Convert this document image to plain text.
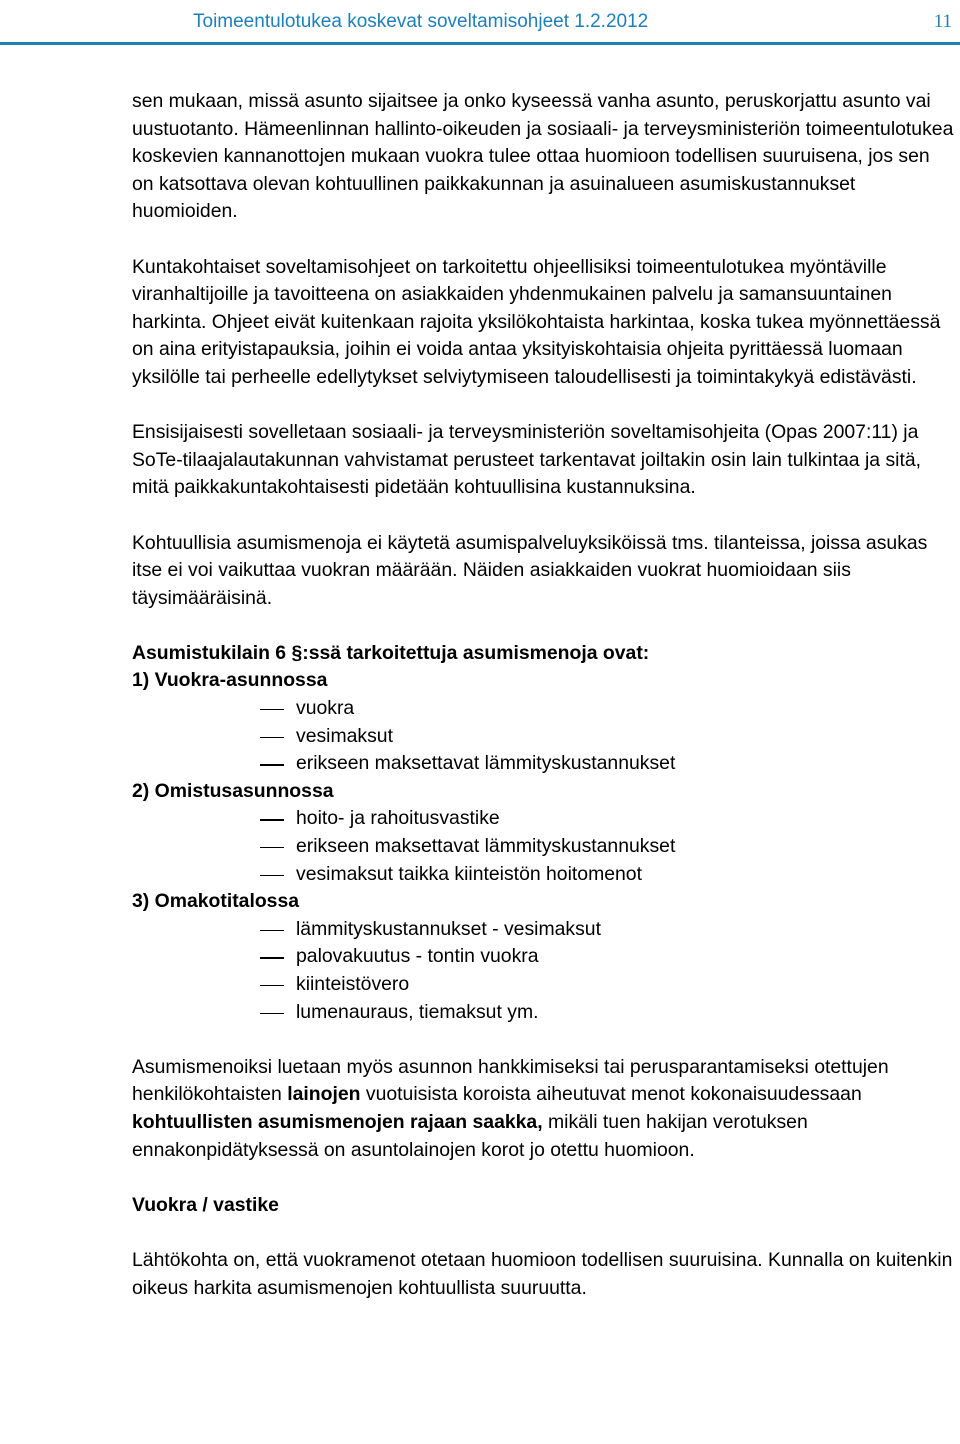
Toimeentulotukea koskevat soveltamisohjeet 1.2.2012	11

sen mukaan, missä asunto sijaitsee ja onko kyseessä vanha asunto, peruskorjattu asunto vai uustuotanto. Hämeenlinnan hallinto-oikeuden ja sosiaali- ja terveysministeriön toimeentulotukea koskevien kannanottojen mukaan vuokra tulee ottaa huomioon todellisen suuruisena, jos sen on katsottava olevan kohtuullinen paikkakunnan ja asuinalueen asumiskustannukset huomioiden.

Kuntakohtaiset soveltamisohjeet on tarkoitettu ohjeellisiksi toimeentulotukea myöntäville viranhaltijoille ja tavoitteena on asiakkaiden yhdenmukainen palvelu ja samansuuntainen harkinta. Ohjeet eivät kuitenkaan rajoita yksilökohtaista harkintaa, koska tukea myönnettäessä on aina erityistapauksia, joihin ei voida antaa yksityiskohtaisia ohjeita pyrittäessä luomaan yksilölle tai perheelle edellytykset selviytymiseen taloudellisesti ja toimintakykyä edistävästi.

Ensisijaisesti sovelletaan sosiaali- ja terveysministeriön soveltamisohjeita (Opas 2007:11) ja SoTe-tilaajalautakunnan vahvistamat perusteet tarkentavat joiltakin osin lain tulkintaa ja sitä, mitä paikkakuntakohtaisesti pidetään kohtuullisina kustannuksina.

Kohtuullisia asumismenoja ei käytetä asumispalveluyksiköissä tms. tilanteissa, joissa asukas itse ei voi vaikuttaa vuokran määrään. Näiden asiakkaiden vuokrat huomioidaan siis täysimääräisinä.

Asumistukilain 6 §:ssä tarkoitettuja asumismenoja ovat:
1) Vuokra-asunnossa
vuokra
vesimaksut
erikseen maksettavat lämmityskustannukset
2) Omistusasunnossa
hoito- ja rahoitusvastike
erikseen maksettavat lämmityskustannukset
vesimaksut taikka kiinteistön hoitomenot
3) Omakotitalossa
lämmityskustannukset - vesimaksut
palovakuutus - tontin vuokra
kiinteistövero
lumenauraus, tiemaksut ym.

Asumismenoiksi luetaan myös asunnon hankkimiseksi tai perusparantamiseksi otettujen henkilökohtaisten lainojen vuotuisista koroista aiheutuvat menot kokonaisuudessaan kohtuullisten asumismenojen rajaan saakka, mikäli tuen hakijan verotuksen ennakonpidätyksessä on asuntolainojen korot jo otettu huomioon.

Vuokra / vastike

Lähtökohta on, että vuokramenot otetaan huomioon todellisen suuruisina. Kunnalla on kuitenkin oikeus harkita asumismenojen kohtuullista suuruutta.
